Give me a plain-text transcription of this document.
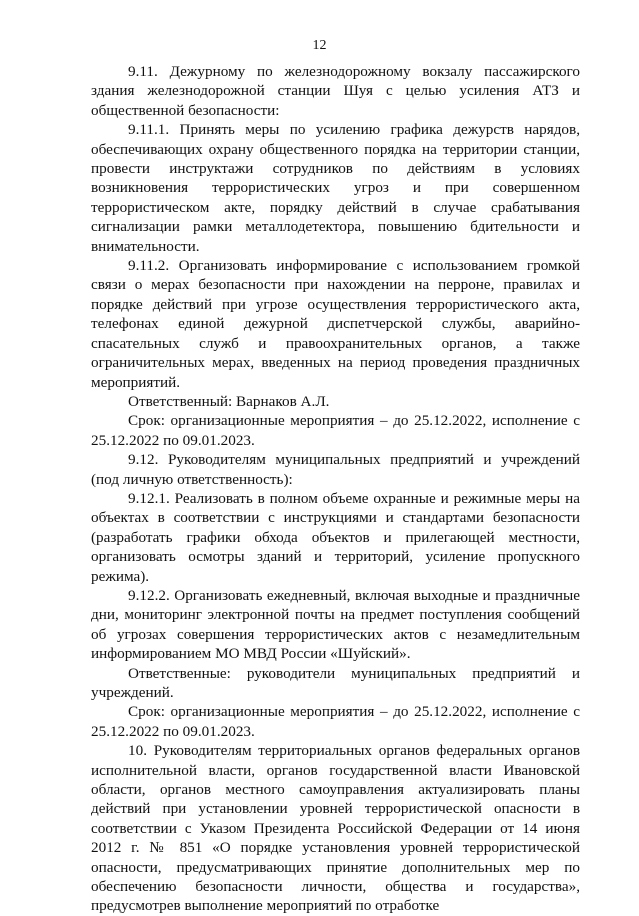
12

9.11. Дежурному по железнодорожному вокзалу пассажирского здания железнодорожной станции Шуя с целью усиления АТЗ и общественной безопасности:

9.11.1. Принять меры по усилению графика дежурств нарядов, обеспечивающих охрану общественного порядка на территории станции, провести инструктажи сотрудников по действиям в условиях возникновения террористических угроз и при совершенном террористическом акте, порядку действий в случае срабатывания сигнализации рамки металлодетектора, повышению бдительности и внимательности.

9.11.2. Организовать информирование с использованием громкой связи о мерах безопасности при нахождении на перроне, правилах и порядке действий при угрозе осуществления террористического акта, телефонах единой дежурной диспетчерской службы, аварийно-спасательных служб и правоохранительных органов, а также ограничительных мерах, введенных на период проведения праздничных мероприятий.

Ответственный: Варнаков А.Л.

Срок: организационные мероприятия – до 25.12.2022, исполнение с 25.12.2022 по 09.01.2023.

9.12. Руководителям муниципальных предприятий и учреждений (под личную ответственность):

9.12.1. Реализовать в полном объеме охранные и режимные меры на объектах в соответствии с инструкциями и стандартами безопасности (разработать графики обхода объектов и прилегающей местности, организовать осмотры зданий и территорий, усиление пропускного режима).

9.12.2. Организовать ежедневный, включая выходные и праздничные дни, мониторинг электронной почты на предмет поступления сообщений об угрозах совершения террористических актов с незамедлительным информированием МО МВД России «Шуйский».

Ответственные: руководители муниципальных предприятий и учреждений.

Срок: организационные мероприятия – до 25.12.2022, исполнение с 25.12.2022 по 09.01.2023.

10. Руководителям территориальных органов федеральных органов исполнительной власти, органов государственной власти Ивановской области, органов местного самоуправления актуализировать планы действий при установлении уровней террористической опасности в соответствии с Указом Президента Российской Федерации от 14 июня 2012 г. № 851 «О порядке установления уровней террористической опасности, предусматривающих принятие дополнительных мер по обеспечению безопасности личности, общества и государства», предусмотрев выполнение мероприятий по отработке
